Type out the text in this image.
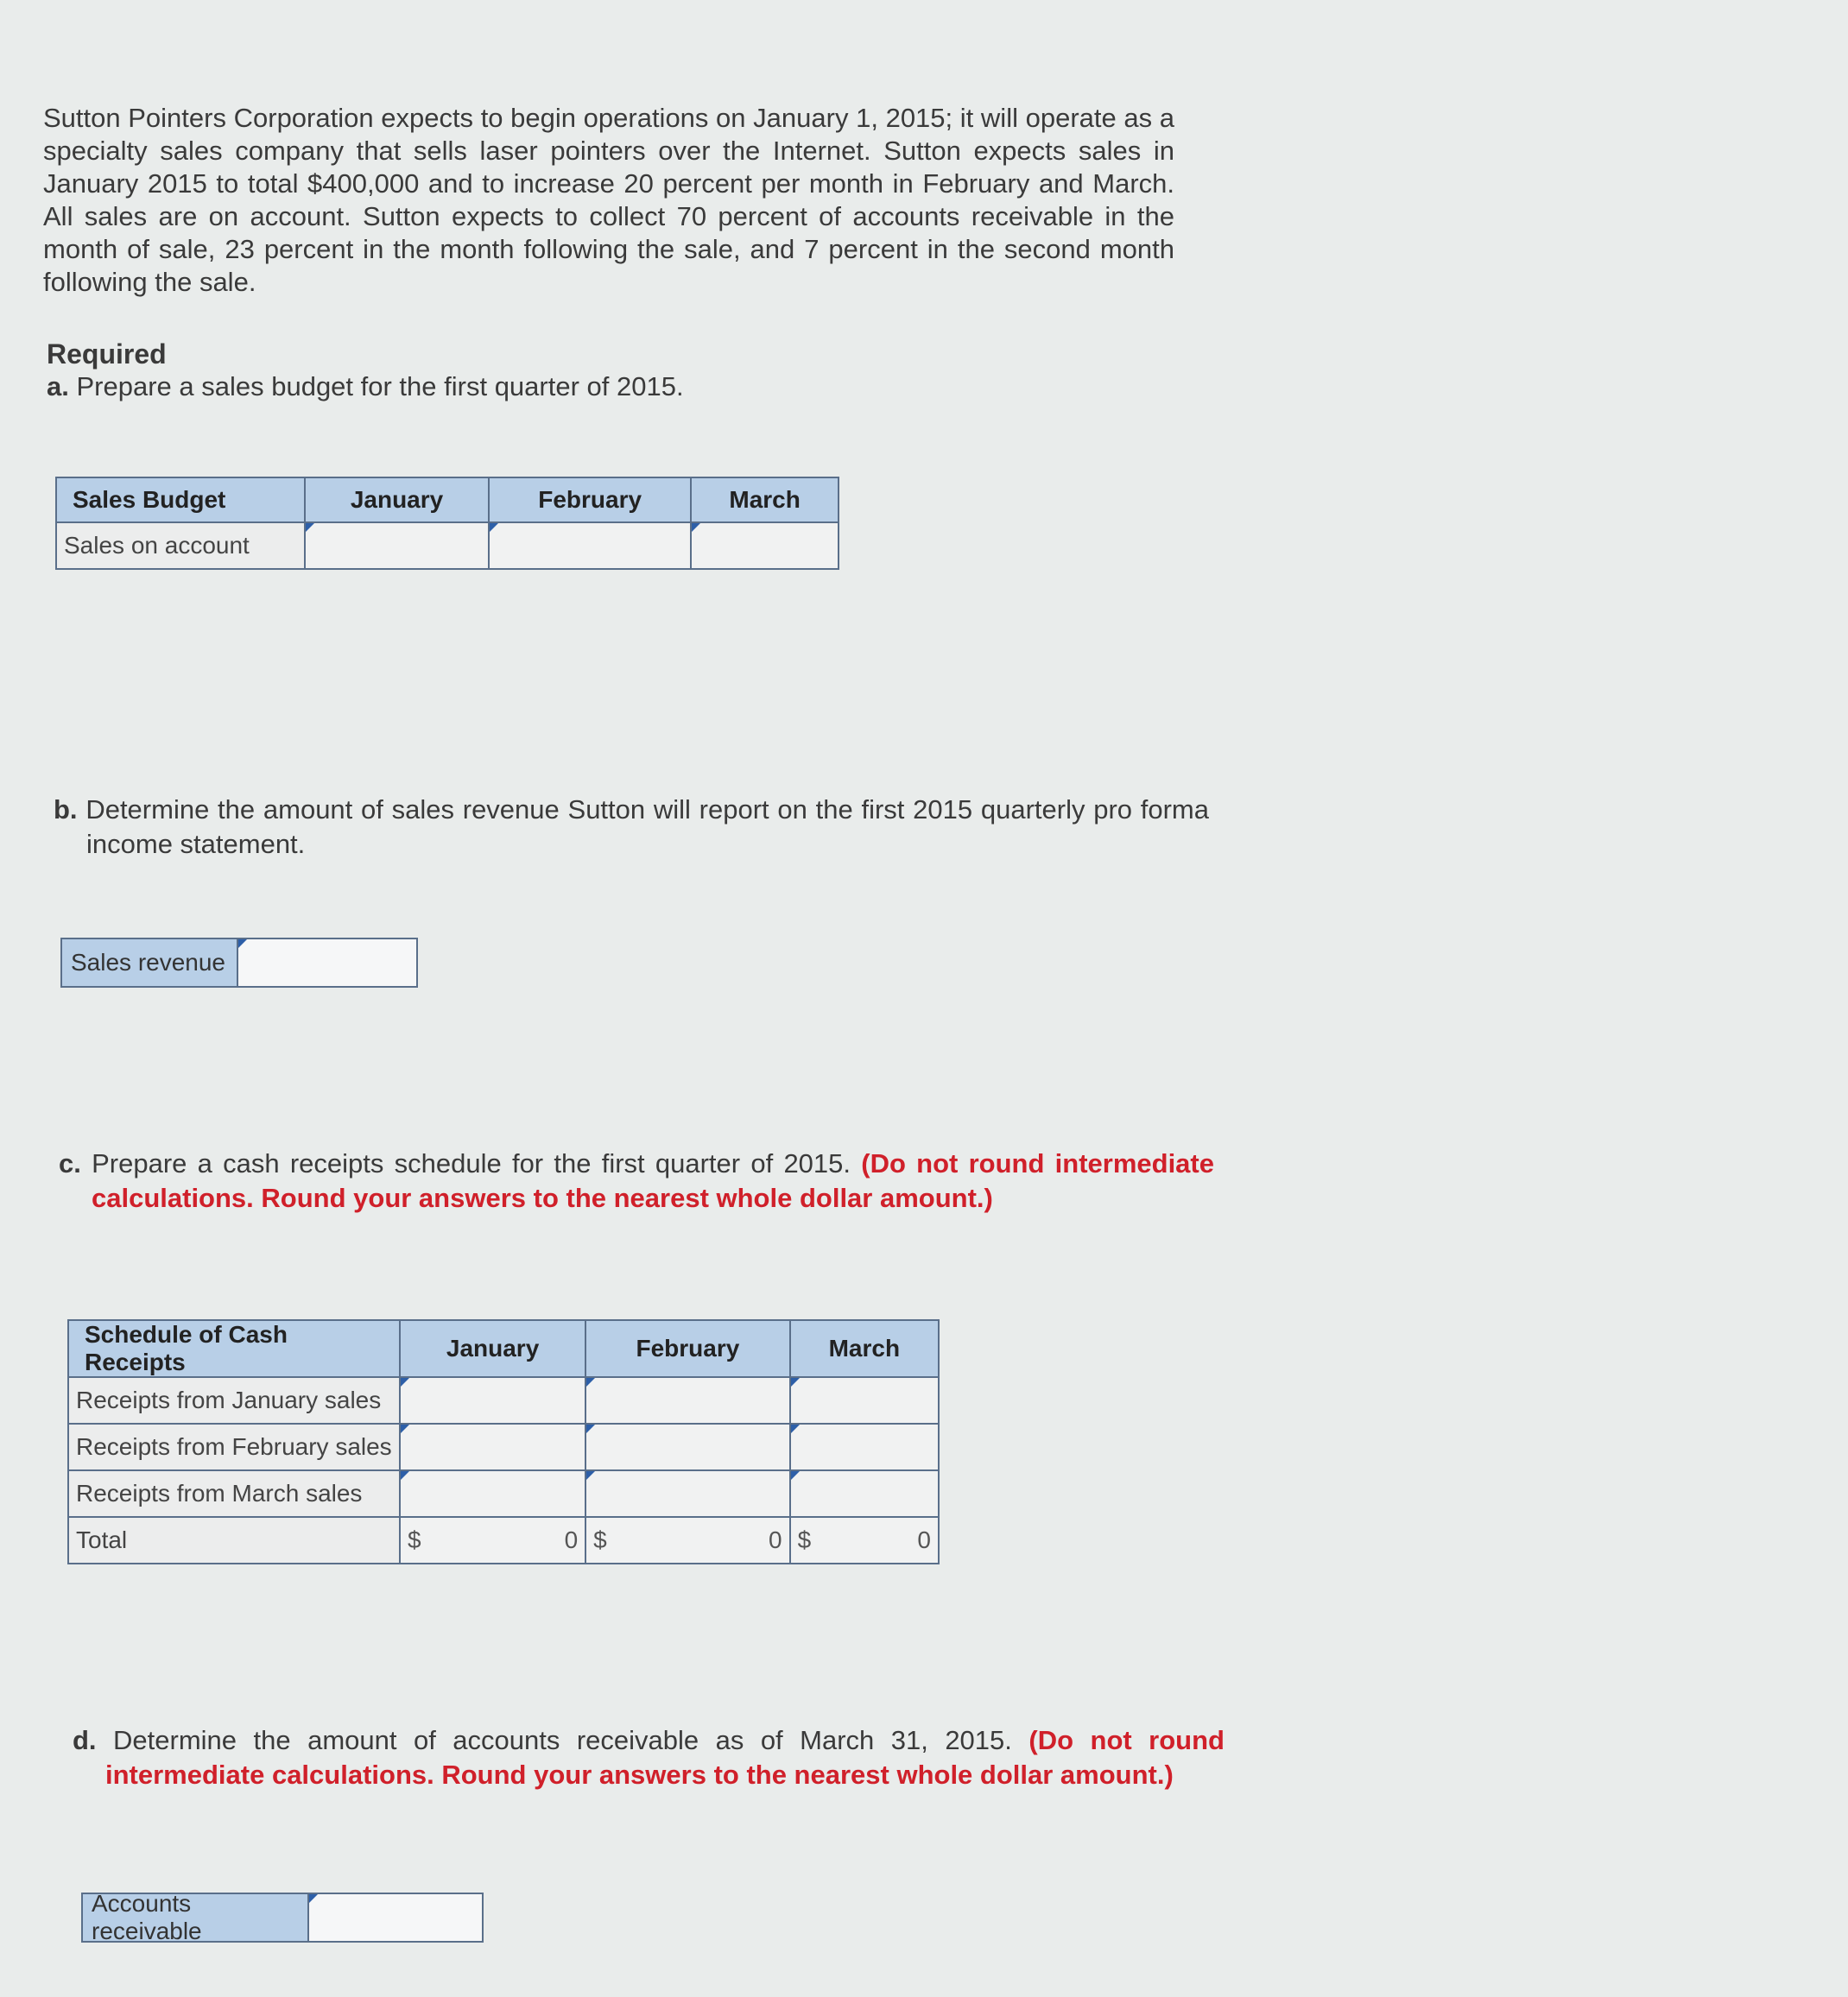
Sutton Pointers Corporation expects to begin operations on January 1, 2015; it will operate as a specialty sales company that sells laser pointers over the Internet. Sutton expects sales in January 2015 to total $400,000 and to increase 20 percent per month in February and March. All sales are on account. Sutton expects to collect 70 percent of accounts receivable in the month of sale, 23 percent in the month following the sale, and 7 percent in the second month following the sale.

Required

a. Prepare a sales budget for the first quarter of 2015.

Sales Budget	January	February	March
Sales on account			

b. Determine the amount of sales revenue Sutton will report on the first 2015 quarterly pro forma income statement.

Sales revenue

c. Prepare a cash receipts schedule for the first quarter of 2015. (Do not round intermediate calculations. Round your answers to the nearest whole dollar amount.)

Schedule of Cash Receipts	January	February	March
Receipts from January sales			
Receipts from February sales			
Receipts from March sales			
Total	$ 0	$ 0	$ 0

d. Determine the amount of accounts receivable as of March 31, 2015. (Do not round intermediate calculations. Round your answers to the nearest whole dollar amount.)

Accounts receivable
